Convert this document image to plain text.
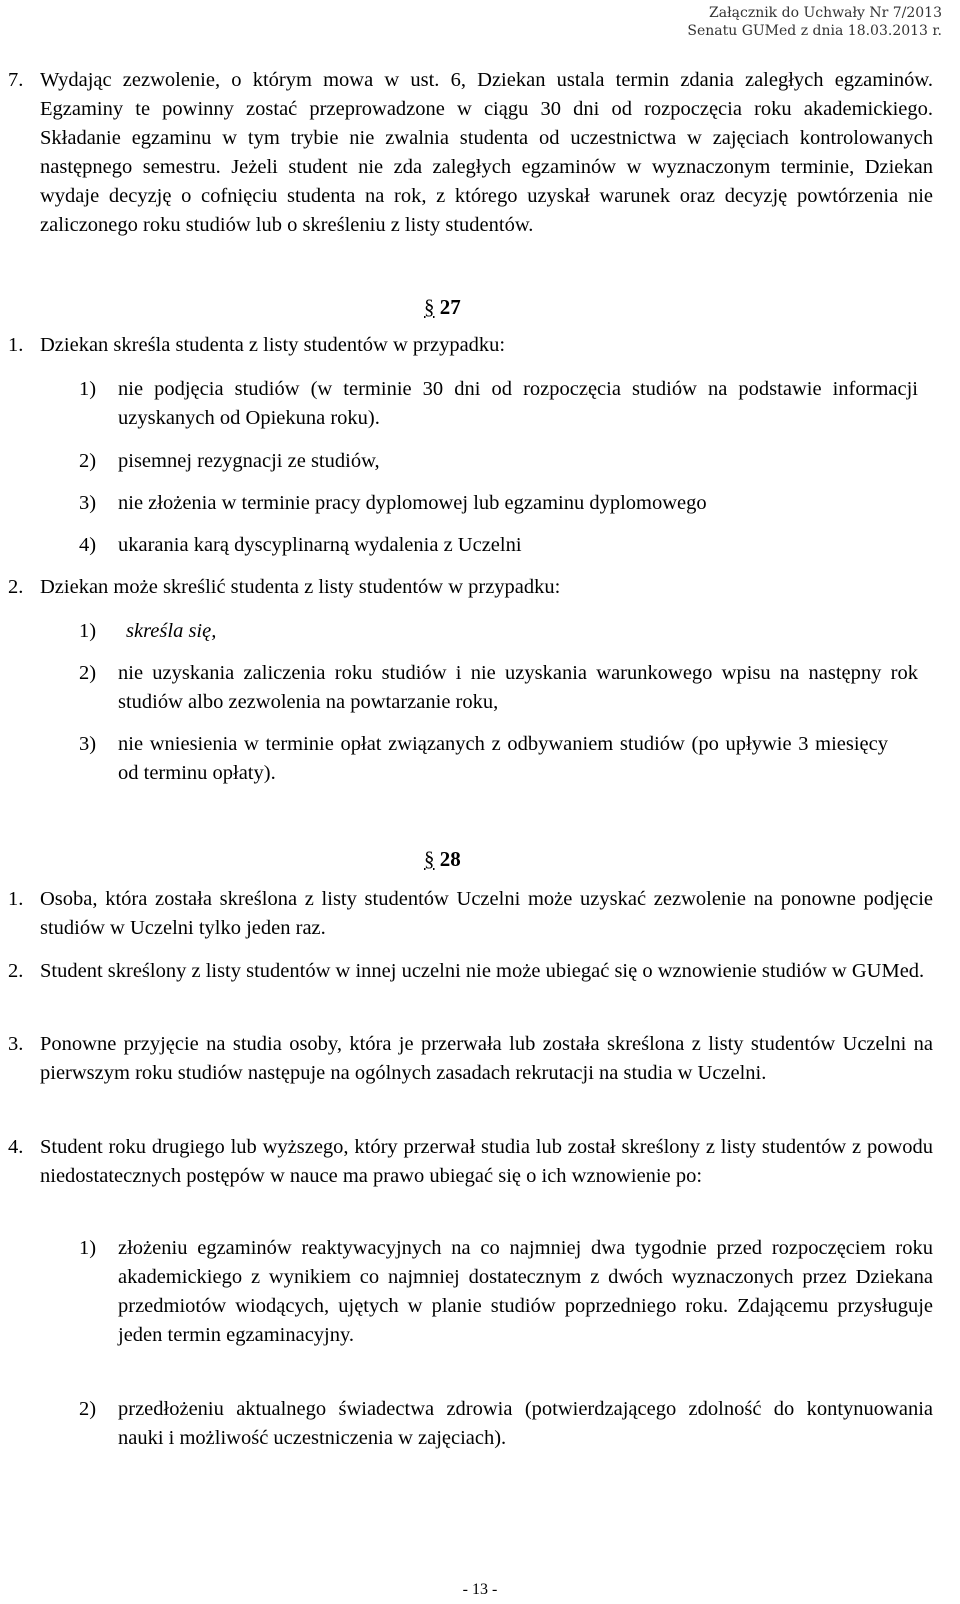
Załącznik do Uchwały Nr 7/2013
Senatu GUMed z dnia 18.03.2013 r.
7. Wydając zezwolenie, o którym mowa w ust. 6, Dziekan ustala termin zdania zaległych egzaminów. Egzaminy te powinny zostać przeprowadzone w ciągu 30 dni od rozpoczęcia roku akademickiego. Składanie egzaminu w tym trybie nie zwalnia studenta od uczestnictwa w zajęciach kontrolowanych następnego semestru. Jeżeli student nie zda zaległych egzaminów w wyznaczonym terminie, Dziekan wydaje decyzję o cofnięciu studenta na rok, z którego uzyskał warunek oraz decyzję powtórzenia nie zaliczonego roku studiów lub o skreśleniu z listy studentów.
§ 27
1. Dziekan skreśla studenta z listy studentów w przypadku:
1) nie podjęcia studiów (w terminie 30 dni od rozpoczęcia studiów na podstawie informacji uzyskanych od Opiekuna roku).
2) pisemnej rezygnacji ze studiów,
3) nie złożenia w terminie pracy dyplomowej lub egzaminu dyplomowego
4) ukarania karą dyscyplinarną wydalenia z Uczelni
2. Dziekan może skreślić studenta z listy studentów w przypadku:
1) skreśla się,
2) nie uzyskania zaliczenia roku studiów i nie uzyskania warunkowego wpisu na następny rok studiów albo zezwolenia na powtarzanie roku,
3) nie wniesienia w terminie opłat związanych z odbywaniem studiów (po upływie 3 miesięcy od terminu opłaty).
§ 28
1. Osoba, która została skreślona z listy studentów Uczelni może uzyskać zezwolenie na ponowne podjęcie studiów w Uczelni tylko jeden raz.
2. Student skreślony z listy studentów w innej uczelni nie może ubiegać się o wznowienie studiów w GUMed.
3. Ponowne przyjęcie na studia osoby, która je przerwała lub została skreślona z listy studentów Uczelni na pierwszym roku studiów następuje na ogólnych zasadach rekrutacji na studia w Uczelni.
4. Student roku drugiego lub wyższego, który przerwał studia lub został skreślony z listy studentów z powodu niedostatecznych postępów w nauce ma prawo ubiegać się o ich wznowienie po:
1) złożeniu egzaminów reaktywacyjnych na co najmniej dwa tygodnie przed rozpoczęciem roku akademickiego z wynikiem co najmniej dostatecznym z dwóch wyznaczonych przez Dziekana przedmiotów wiodących, ujętych w planie studiów poprzedniego roku. Zdającemu przysługuje jeden termin egzaminacyjny.
2) przedłożeniu aktualnego świadectwa zdrowia (potwierdzającego zdolność do kontynuowania nauki i możliwość uczestniczenia w zajęciach).
- 13 -
